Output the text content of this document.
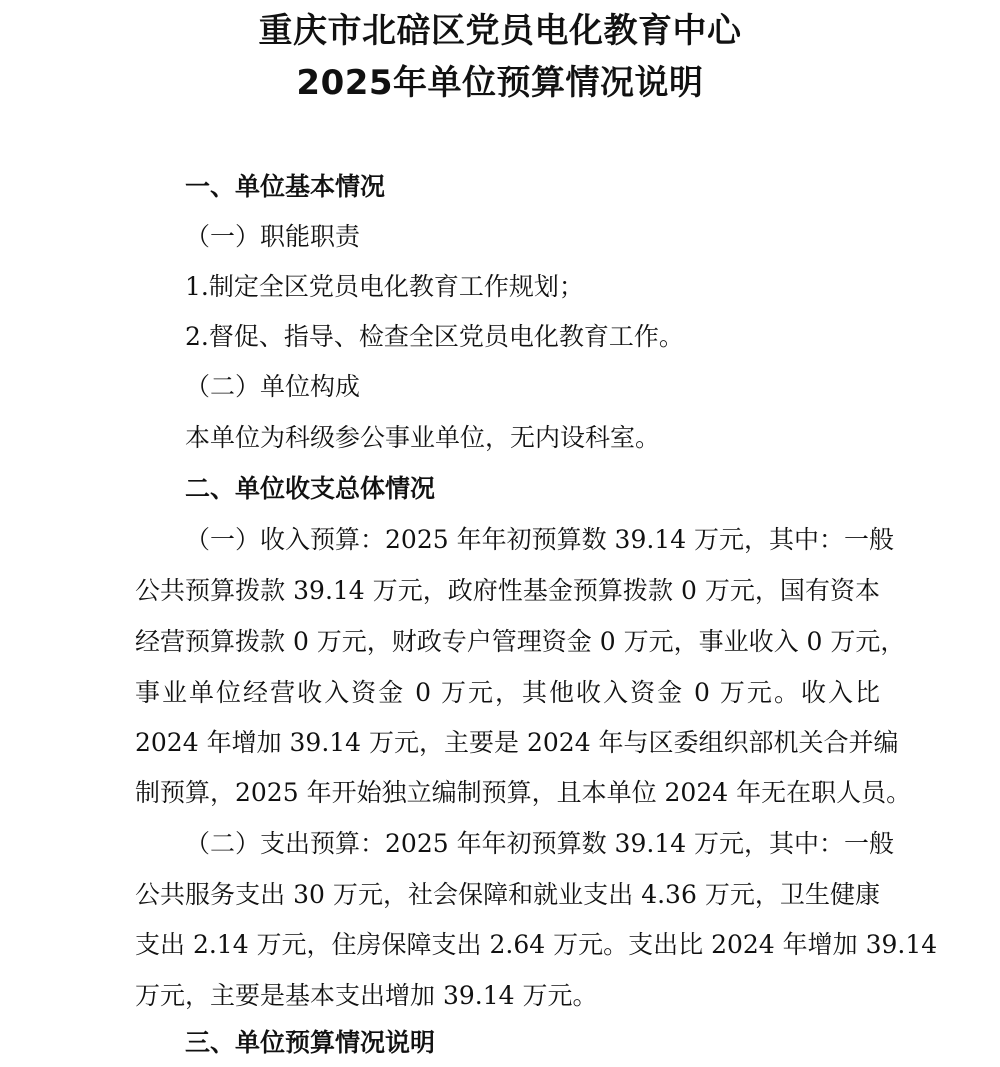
重庆市北碚区党员电化教育中心
2025年单位预算情况说明
一、单位基本情况
（一）职能职责
1.制定全区党员电化教育工作规划；
2.督促、指导、检查全区党员电化教育工作。
（二）单位构成
本单位为科级参公事业单位，无内设科室。
二、单位收支总体情况
（一）收入预算：2025 年年初预算数 39.14 万元，其中：一般
公共预算拨款 39.14 万元，政府性基金预算拨款 0 万元，国有资本
经营预算拨款 0 万元，财政专户管理资金 0 万元，事业收入 0 万元，
事业单位经营收入资金 0 万元，其他收入资金 0 万元。收入比
2024 年增加 39.14 万元，主要是 2024 年与区委组织部机关合并编
制预算，2025 年开始独立编制预算，且本单位 2024 年无在职人员。
（二）支出预算：2025 年年初预算数 39.14 万元，其中：一般
公共服务支出 30 万元，社会保障和就业支出 4.36 万元，卫生健康
支出 2.14 万元，住房保障支出 2.64 万元。支出比 2024 年增加 39.14
万元，主要是基本支出增加 39.14 万元。
三、单位预算情况说明
